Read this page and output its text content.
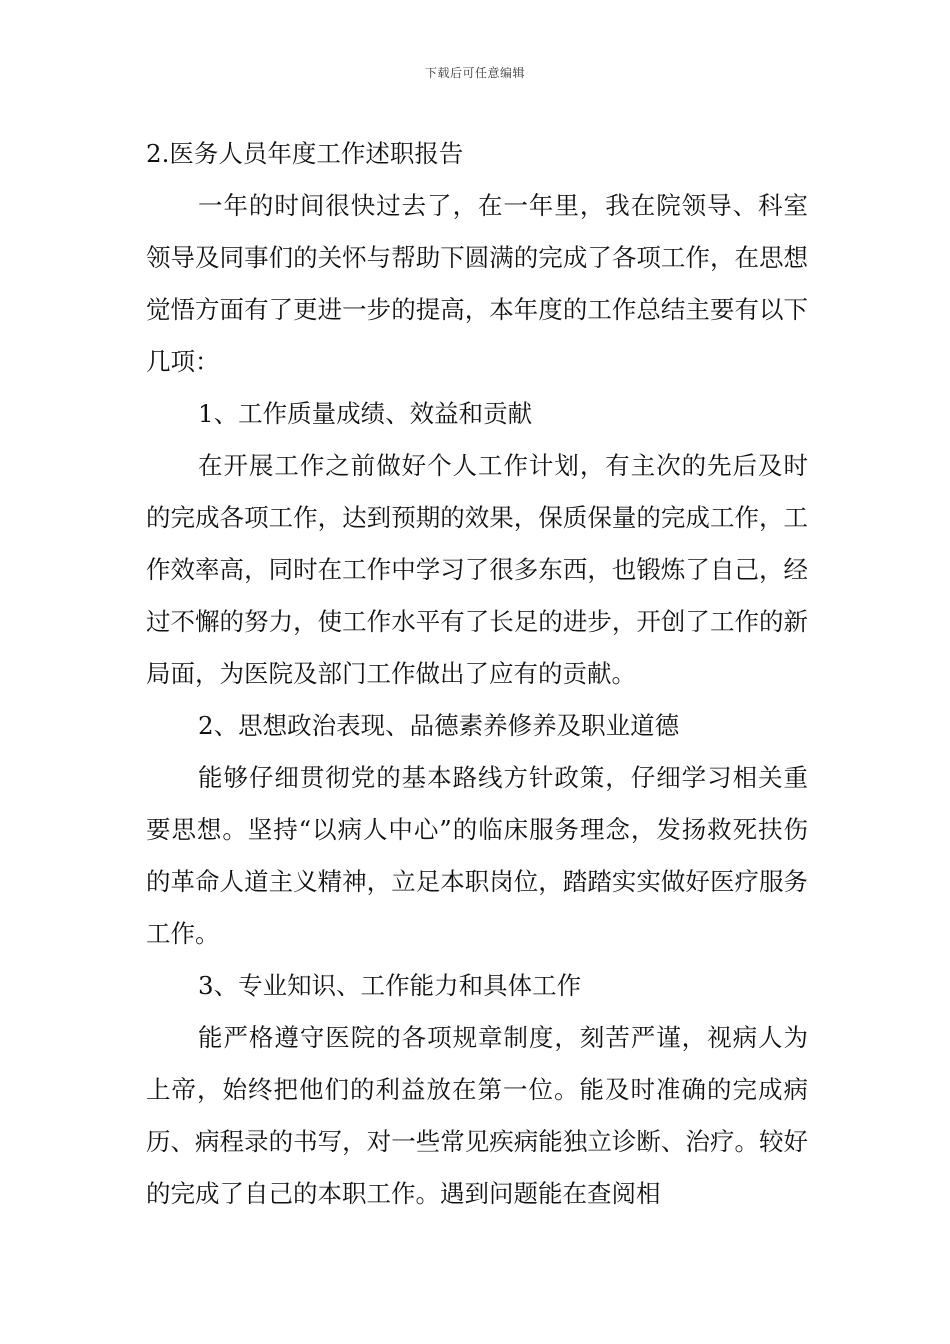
下载后可任意编辑

2.医务人员年度工作述职报告

一年的时间很快过去了，在一年里，我在院领导、科室领导及同事们的关怀与帮助下圆满的完成了各项工作，在思想觉悟方面有了更进一步的提高，本年度的工作总结主要有以下几项：

1、工作质量成绩、效益和贡献

在开展工作之前做好个人工作计划，有主次的先后及时的完成各项工作，达到预期的效果，保质保量的完成工作，工作效率高，同时在工作中学习了很多东西，也锻炼了自己，经过不懈的努力，使工作水平有了长足的进步，开创了工作的新局面，为医院及部门工作做出了应有的贡献。

2、思想政治表现、品德素养修养及职业道德

能够仔细贯彻党的基本路线方针政策，仔细学习相关重要思想。坚持“以病人中心”的临床服务理念，发扬救死扶伤的革命人道主义精神，立足本职岗位，踏踏实实做好医疗服务工作。

3、专业知识、工作能力和具体工作

能严格遵守医院的各项规章制度，刻苦严谨，视病人为上帝，始终把他们的利益放在第一位。能及时准确的完成病历、病程录的书写，对一些常见疾病能独立诊断、治疗。较好的完成了自己的本职工作。遇到问题能在查阅相
